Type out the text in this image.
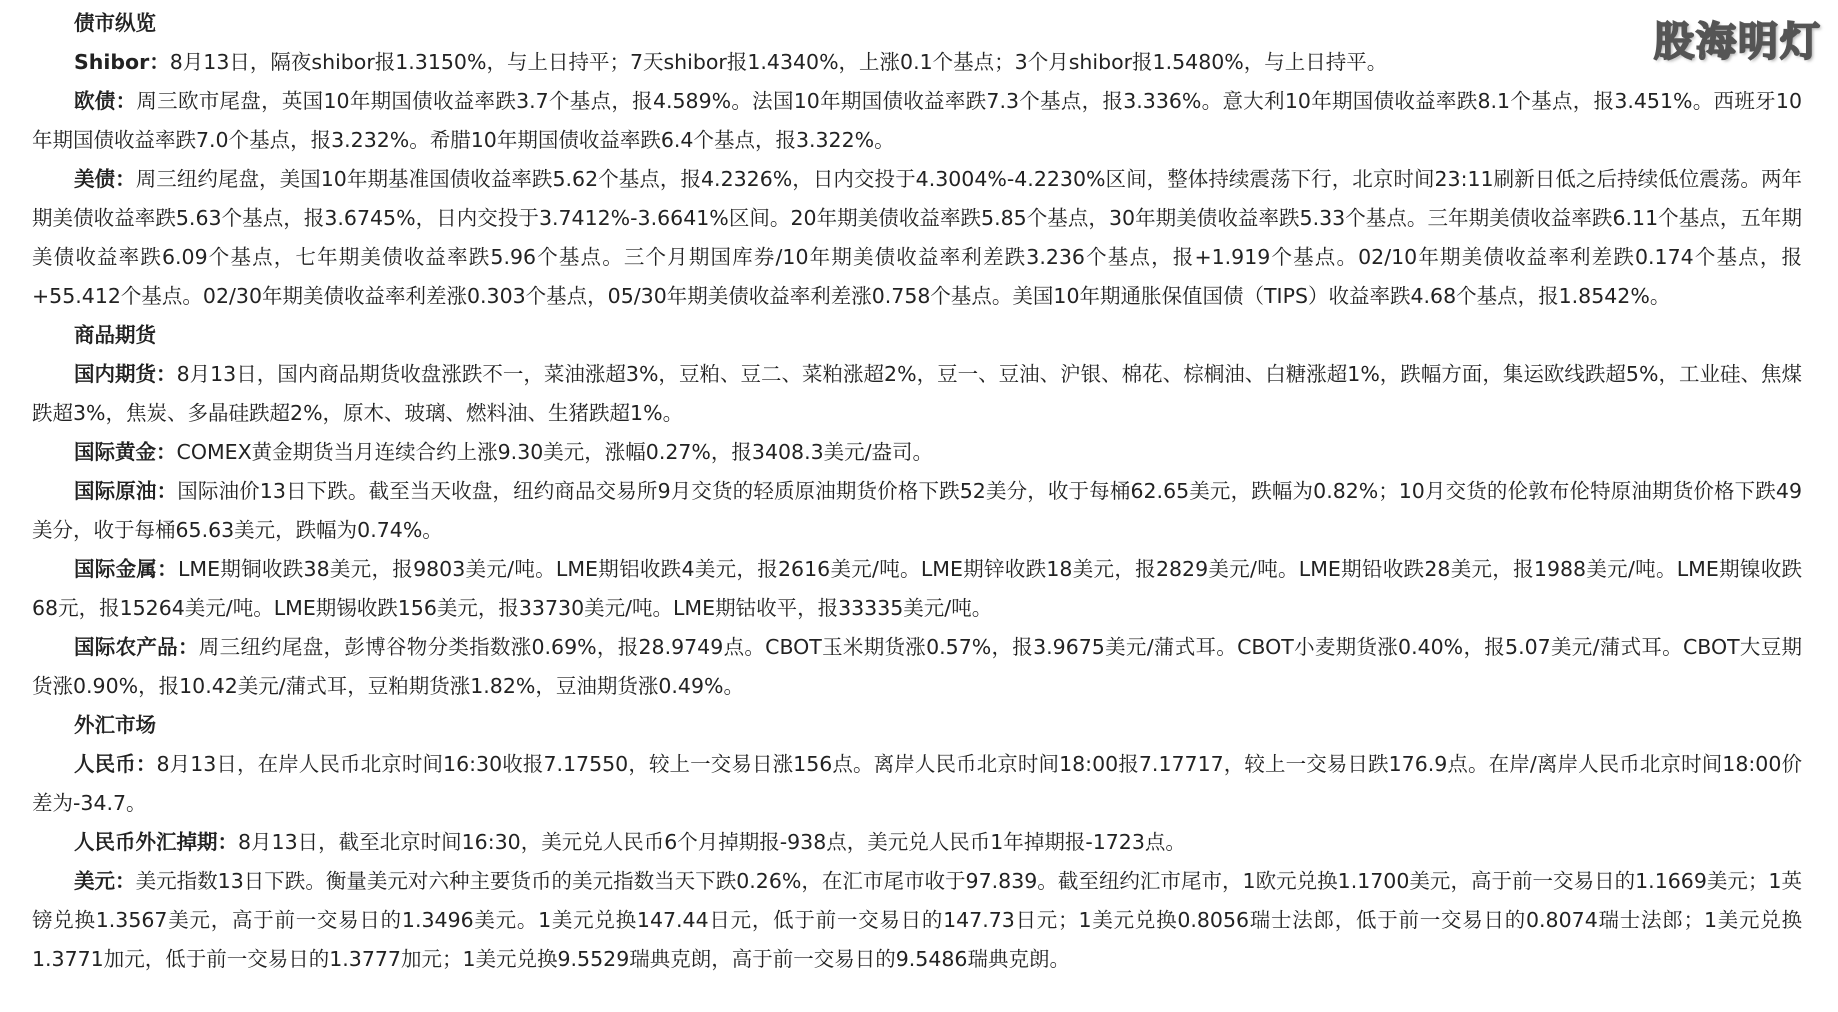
股海明灯
债市纵览

Shibor：8月13日，隔夜shibor报1.3150%，与上日持平；7天shibor报1.4340%，上涨0.1个基点；3个月shibor报1.5480%，与上日持平。

欧债：周三欧市尾盘，英国10年期国债收益率跌3.7个基点，报4.589%。法国10年期国债收益率跌7.3个基点，报3.336%。意大利10年期国债收益率跌8.1个基点，报3.451%。西班牙10年期国债收益率跌7.0个基点，报3.232%。希腊10年期国债收益率跌6.4个基点，报3.322%。

美债：周三纽约尾盘，美国10年期基准国债收益率跌5.62个基点，报4.2326%，日内交投于4.3004%-4.2230%区间，整体持续震荡下行，北京时间23:11刷新日低之后持续低位震荡。两年期美债收益率跌5.63个基点，报3.6745%，日内交投于3.7412%-3.6641%区间。20年期美债收益率跌5.85个基点，30年期美债收益率跌5.33个基点。三年期美债收益率跌6.11个基点，五年期美债收益率跌6.09个基点，七年期美债收益率跌5.96个基点。三个月期国库券/10年期美债收益率利差跌3.236个基点，报+1.919个基点。02/10年期美债收益率利差跌0.174个基点，报+55.412个基点。02/30年期美债收益率利差涨0.303个基点，05/30年期美债收益率利差涨0.758个基点。美国10年期通胀保值国债（TIPS）收益率跌4.68个基点，报1.8542%。

商品期货

国内期货：8月13日，国内商品期货收盘涨跌不一，菜油涨超3%，豆粕、豆二、菜粕涨超2%，豆一、豆油、沪银、棉花、棕榈油、白糖涨超1%，跌幅方面，集运欧线跌超5%，工业硅、焦煤跌超3%，焦炭、多晶硅跌超2%，原木、玻璃、燃料油、生猪跌超1%。

国际黄金：COMEX黄金期货当月连续合约上涨9.30美元，涨幅0.27%，报3408.3美元/盎司。

国际原油：国际油价13日下跌。截至当天收盘，纽约商品交易所9月交货的轻质原油期货价格下跌52美分，收于每桶62.65美元，跌幅为0.82%；10月交货的伦敦布伦特原油期货价格下跌49美分，收于每桶65.63美元，跌幅为0.74%。

国际金属：LME期铜收跌38美元，报9803美元/吨。LME期铝收跌4美元，报2616美元/吨。LME期锌收跌18美元，报2829美元/吨。LME期铅收跌28美元，报1988美元/吨。LME期镍收跌68元，报15264美元/吨。LME期锡收跌156美元，报33730美元/吨。LME期钴收平，报33335美元/吨。

国际农产品：周三纽约尾盘，彭博谷物分类指数涨0.69%，报28.9749点。CBOT玉米期货涨0.57%，报3.9675美元/蒲式耳。CBOT小麦期货涨0.40%，报5.07美元/蒲式耳。CBOT大豆期货涨0.90%，报10.42美元/蒲式耳，豆粕期货涨1.82%，豆油期货涨0.49%。

外汇市场

人民币：8月13日，在岸人民币北京时间16:30收报7.17550，较上一交易日涨156点。离岸人民币北京时间18:00报7.17717，较上一交易日跌176.9点。在岸/离岸人民币北京时间18:00价差为-34.7。

人民币外汇掉期：8月13日，截至北京时间16:30，美元兑人民币6个月掉期报-938点，美元兑人民币1年掉期报-1723点。

美元：美元指数13日下跌。衡量美元对六种主要货币的美元指数当天下跌0.26%，在汇市尾市收于97.839。截至纽约汇市尾市，1欧元兑换1.1700美元，高于前一交易日的1.1669美元；1英镑兑换1.3567美元，高于前一交易日的1.3496美元。1美元兑换147.44日元，低于前一交易日的147.73日元；1美元兑换0.8056瑞士法郎，低于前一交易日的0.8074瑞士法郎；1美元兑换1.3771加元，低于前一交易日的1.3777加元；1美元兑换9.5529瑞典克朗，高于前一交易日的9.5486瑞典克朗。
